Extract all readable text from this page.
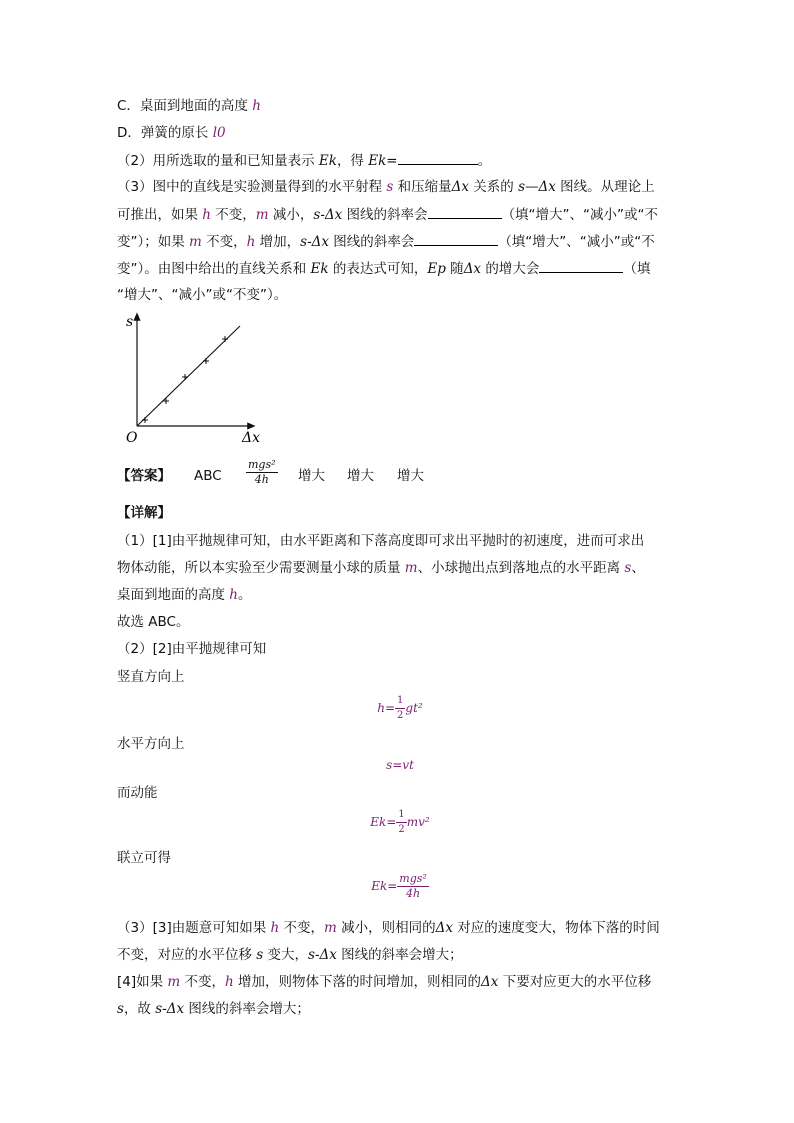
C．桌面到地面的高度 h
D．弹簧的原长 l0
（2）用所选取的量和已知量表示 Ek，得 Ek=	。
（3）图中的直线是实验测量得到的水平射程 s 和压缩量Δx 关系的 s—Δx 图线。从理论上
可推出，如果 h 不变，m 减小，s-Δx 图线的斜率会	（填“增大”、“减小”或“不
变”）；如果 m 不变，h 增加，s-Δx 图线的斜率会	（填“增大”、“减小”或“不
变”）。由图中给出的直线关系和 Ek 的表达式可知，Ep 随Δx 的增大会	（填
“增大”、“减小”或“不变”）。
s
Δx
O
【答案】 ABC $\frac{\text{mgs²}}{4h}$ 增大 增大 增大
【详解】
（1）[1]由平抛规律可知，由水平距离和下落高度即可求出平抛时的初速度，进而可求出
物体动能，所以本实验至少需要测量小球的质量 m、小球抛出点到落地点的水平距离 s、
桌面到地面的高度 h。
故选 ABC。
（2）[2]由平抛规律可知
竖直方向上
$h= \frac{1}{2} gt^2$
水平方向上
s=vt
而动能
$Ek= \frac{1}{2} mv^2$
联立可得
$Ek= \frac{\text{mgs²}}{4h}$
（3）[3]由题意可知如果 h 不变，m 减小，则相同的Δx 对应的速度变大，物体下落的时间
不变，对应的水平位移 s 变大，s-Δx 图线的斜率会增大；
[4]如果 m 不变，h 增加，则物体下落的时间增加，则相同的Δx 下要对应更大的水平位移
s，故 s-Δx 图线的斜率会增大；
